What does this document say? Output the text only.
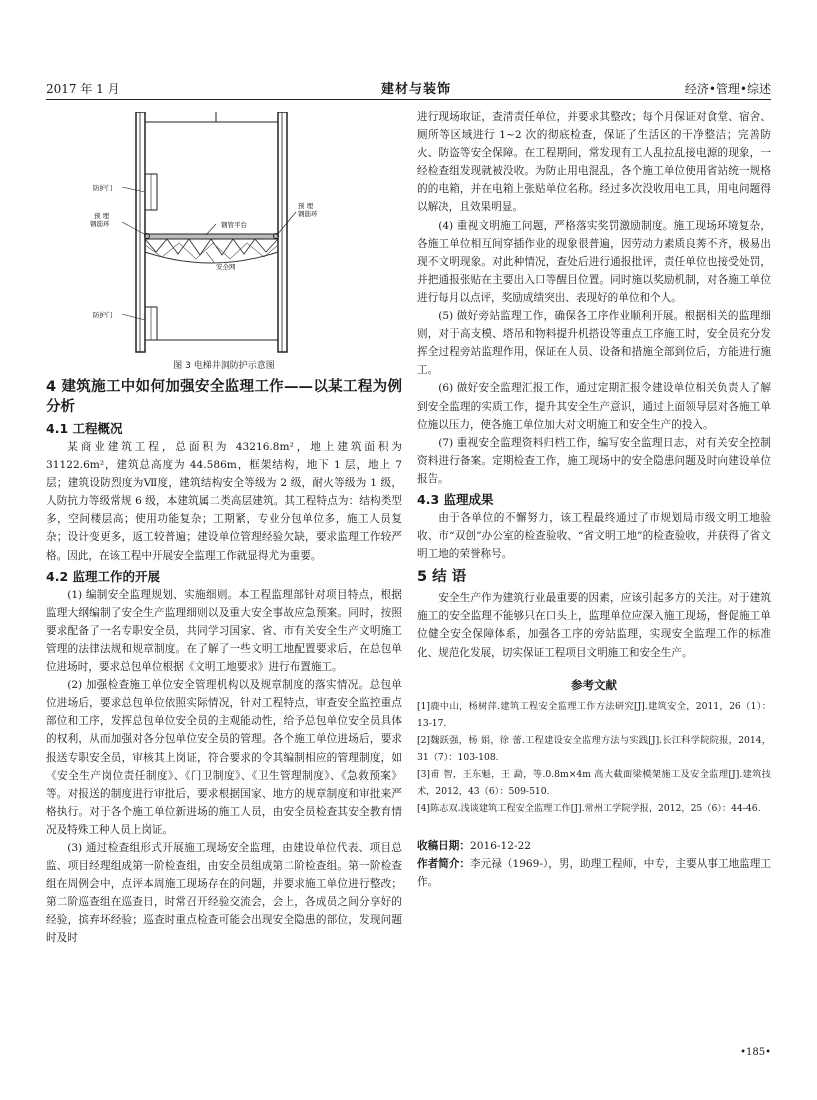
2017 年 1 月	建材与装饰	经济•管理•综述
防护门
预 埋
钢筋环	钢管平台
预 埋
钢筋环
安全网
防护门
图 3 电梯井洞防护示意图
4 建筑施工中如何加强安全监理工作——以某工程为例分析
4.1 工程概况

某商业建筑工程，总面积为 43216.8m²，地上建筑面积为 31122.6m²，建筑总高度为 44.586m，框架结构，地下 1 层，地上 7 层；建筑设防烈度为Ⅶ度，建筑结构安全等级为 2 级，耐火等级为 1 级，人防抗力等级常规 6 级，本建筑属二类高层建筑。其工程特点为：结构类型多，空间楼层高；使用功能复杂；工期紧，专业分包单位多，施工人员复杂；设计变更多，返工较普遍；建设单位管理经验欠缺，要求监理工作较严格。因此，在该工程中开展安全监理工作就显得尤为重要。

4.2 监理工作的开展

(1) 编制安全监理规划、实施细则。本工程监理部针对项目特点，根据监理大纲编制了安全生产监理细则以及重大安全事故应急预案。同时，按照要求配备了一名专职安全员，共同学习国家、省、市有关安全生产文明施工管理的法律法规和规章制度。在了解了一些文明工地配置要求后，在总包单位进场时，要求总包单位根据《文明工地要求》进行布置施工。

(2) 加强检查施工单位安全管理机构以及规章制度的落实情况。总包单位进场后，要求总包单位依照实际情况，针对工程特点，审查安全监控重点部位和工序，发挥总包单位安全员的主观能动性，给予总包单位安全员具体的权利，从而加强对各分包单位安全员的管理。各个施工单位进场后，要求报送专职安全员，审核其上岗证，符合要求的令其编制相应的管理制度，如《安全生产岗位责任制度》、《门卫制度》、《卫生管理制度》、《急救预案》等。对报送的制度进行审批后，要求根据国家、地方的规章制度和审批来严格执行。对于各个施工单位新进场的施工人员，由安全员检查其安全教育情况及特殊工种人员上岗证。

(3) 通过检查组形式开展施工现场安全监理，由建设单位代表、项目总监、项目经理组成第一阶检查组，由安全员组成第二阶检查组。第一阶检查组在周例会中，点评本周施工现场存在的问题，并要求施工单位进行整改；第二阶巡查组在巡查日，时常召开经验交流会，会上，各成员之间分享好的经验，摈弃坏经验；巡查时重点检查可能会出现安全隐患的部位，发现问题时及时

进行现场取证，查清责任单位，并要求其整改；每个月保证对食堂、宿舍、厕所等区域进行 1~2 次的彻底检查，保证了生活区的干净整洁；完善防火、防盗等安全保障。在工程期间，常发现有工人乱拉乱接电源的现象，一经检查组发现就被没收。为防止用电混乱，各个施工单位使用省站统一规格的的电箱，并在电箱上张贴单位名称。经过多次没收用电工具，用电问题得以解决，且效果明显。

(4) 重视文明施工问题，严格落实奖罚激励制度。施工现场环境复杂，各施工单位相互间穿插作业的现象很普遍，因劳动力素质良莠不齐，极易出现不文明现象。对此种情况，查处后进行通报批评，责任单位也接受处罚，并把通报张贴在主要出入口等醒目位置。同时施以奖励机制，对各施工单位进行每月以点评，奖励成绩突出、表现好的单位和个人。

(5) 做好旁站监理工作，确保各工序作业顺利开展。根据相关的监理细则，对于高支模、塔吊和物料提升机搭设等重点工序施工时，安全员充分发挥全过程旁站监理作用，保证在人员、设备和措施全部到位后，方能进行施工。

(6) 做好安全监理汇报工作，通过定期汇报令建设单位相关负责人了解到安全监理的实质工作，提升其安全生产意识，通过上面领导层对各施工单位施以压力，使各施工单位加大对文明施工和安全生产的投入。

(7) 重视安全监理资料归档工作，编写安全监理日志，对有关安全控制资料进行备案。定期检查工作，施工现场中的安全隐患问题及时向建设单位报告。

4.3 监理成果

由于各单位的不懈努力，该工程最终通过了市规划局市级文明工地验收、市“双创”办公室的检查验收、“省文明工地”的检查验收，并获得了省文明工地的荣誉称号。

5 结 语

安全生产作为建筑行业最重要的因素，应该引起多方的关注。对于建筑施工的安全监理不能够只在口头上，监理单位应深入施工现场，督促施工单位健全安全保障体系，加强各工序的旁站监理，实现安全监理工作的标准化、规范化发展，切实保证工程项目文明施工和安全生产。

参考文献
[1]鹿中山，杨树萍.建筑工程安全监理工作方法研究[J].建筑安全，2011，26（1）：13-17.
[2]魏跃强，杨 娟，徐 蕾.工程建设安全监理方法与实践[J].长江科学院院报，2014，31（7）：103-108.
[3]甫 智，王东魁，王 勐，等.0.8m×4m 高大截面梁模架施工及安全监理[J].建筑技术，2012，43（6）：509-510.
[4]陈志双.浅谈建筑工程安全监理工作[J].常州工学院学报，2012，25（6）：44-46.
收稿日期：2016-12-22
作者简介：李元禄（1969-），男，助理工程师，中专，主要从事工地监理工作。
•185•
